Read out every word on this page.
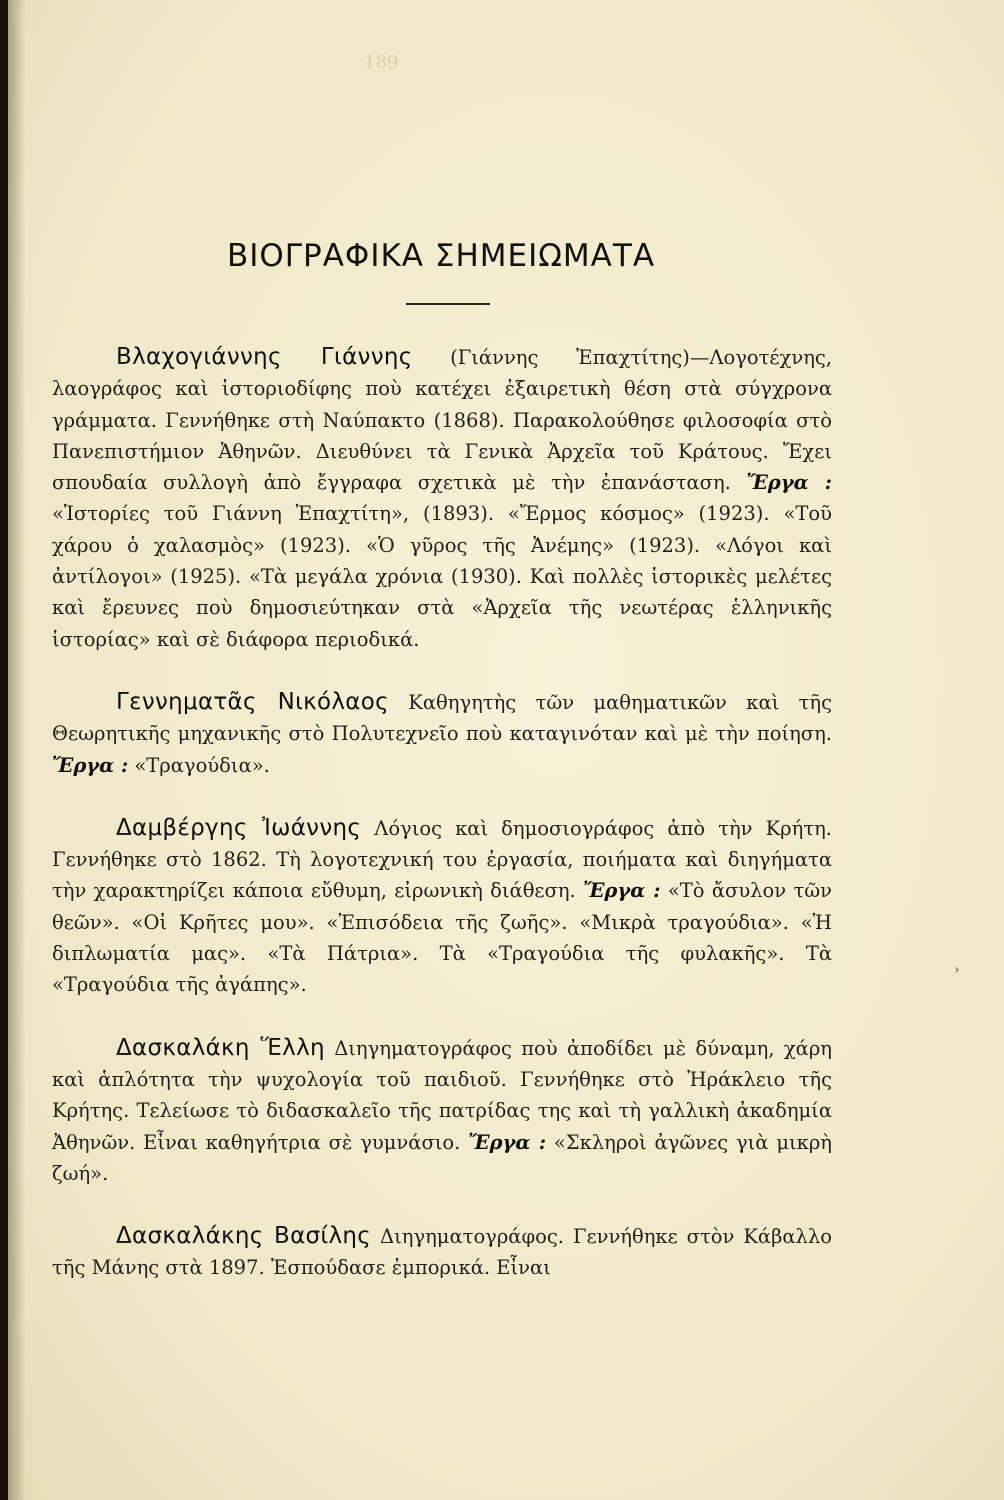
189
ΒΙΟΓΡΑΦΙΚΑ ΣΗΜΕΙΩΜΑΤΑ

Βλαχογιάννης Γιάννης (Γιάννης Ἐπαχτίτης)—Λογοτέχνης, λαογράφος καὶ ἱστοριοδίφης ποὺ κατέχει ἐξαιρετικὴ θέση στὰ σύγχρονα γράμματα. Γεννήθηκε στὴ Ναύπακτο (1868). Παρακολούθησε φιλοσοφία στὸ Πανεπιστήμιον Ἀθηνῶν. Διευθύνει τὰ Γενικὰ Ἀρχεῖα τοῦ Κράτους. Ἔχει σπουδαία συλλογὴ ἀπὸ ἔγγραφα σχετικὰ μὲ τὴν ἐπανάσταση. Ἔργα : «Ἱστορίες τοῦ Γιάννη Ἐπαχτίτη», (1893). «Ἔρμος κόσμος» (1923). «Τοῦ χάρου ὁ χαλασμὸς» (1923). «Ὁ γῦρος τῆς Ἀνέμης» (1923). «Λόγοι καὶ ἀντίλογοι» (1925). «Τὰ μεγάλα χρόνια (1930). Καὶ πολλὲς ἱστορικὲς μελέτες καὶ ἔρευνες ποὺ δημοσιεύτηκαν στὰ «Ἀρχεῖα τῆς νεωτέρας ἑλληνικῆς ἱστορίας» καὶ σὲ διάφορα περιοδικά.

Γεννηματᾶς Νικόλαος Καθηγητὴς τῶν μαθηματικῶν καὶ τῆς Θεωρητικῆς μηχανικῆς στὸ Πολυτεχνεῖο ποὺ καταγινόταν καὶ μὲ τὴν ποίηση. Ἔργα : «Τραγούδια».

Δαμβέργης Ἰωάννης Λόγιος καὶ δημοσιογράφος ἀπὸ τὴν Κρήτη. Γεννήθηκε στὸ 1862. Τὴ λογοτεχνική του ἐργασία, ποιήματα καὶ διηγήματα τὴν χαρακτηρίζει κάποια εὔθυμη, εἰρωνικὴ διάθεση. Ἔργα : «Τὸ ἄσυλον τῶν θεῶν». «Οἱ Κρῆτες μου». «Ἐπισόδεια τῆς ζωῆς». «Μικρὰ τραγούδια». «Ἡ διπλωματία μας». «Τὰ Πάτρια». Τὰ «Τραγούδια τῆς φυλακῆς». Τὰ «Τραγούδια τῆς ἀγάπης».

Δασκαλάκη Ἕλλη Διηγηματογράφος ποὺ ἀποδίδει μὲ δύναμη, χάρη καὶ ἁπλότητα τὴν ψυχολογία τοῦ παιδιοῦ. Γεννήθηκε στὸ Ἡράκλειο τῆς Κρήτης. Τελείωσε τὸ διδασκαλεῖο τῆς πατρίδας της καὶ τὴ γαλλικὴ ἀκαδημία Ἀθηνῶν. Εἶναι καθηγήτρια σὲ γυμνάσιο. Ἔργα : «Σκληροὶ ἀγῶνες γιὰ μικρὴ ζωή».

Δασκαλάκης Βασίλης Διηγηματογράφος. Γεννήθηκε στὸν Κάβαλλο τῆς Μάνης στὰ 1897. Ἐσπούδασε ἐμπορικά. Εἶναι

›
